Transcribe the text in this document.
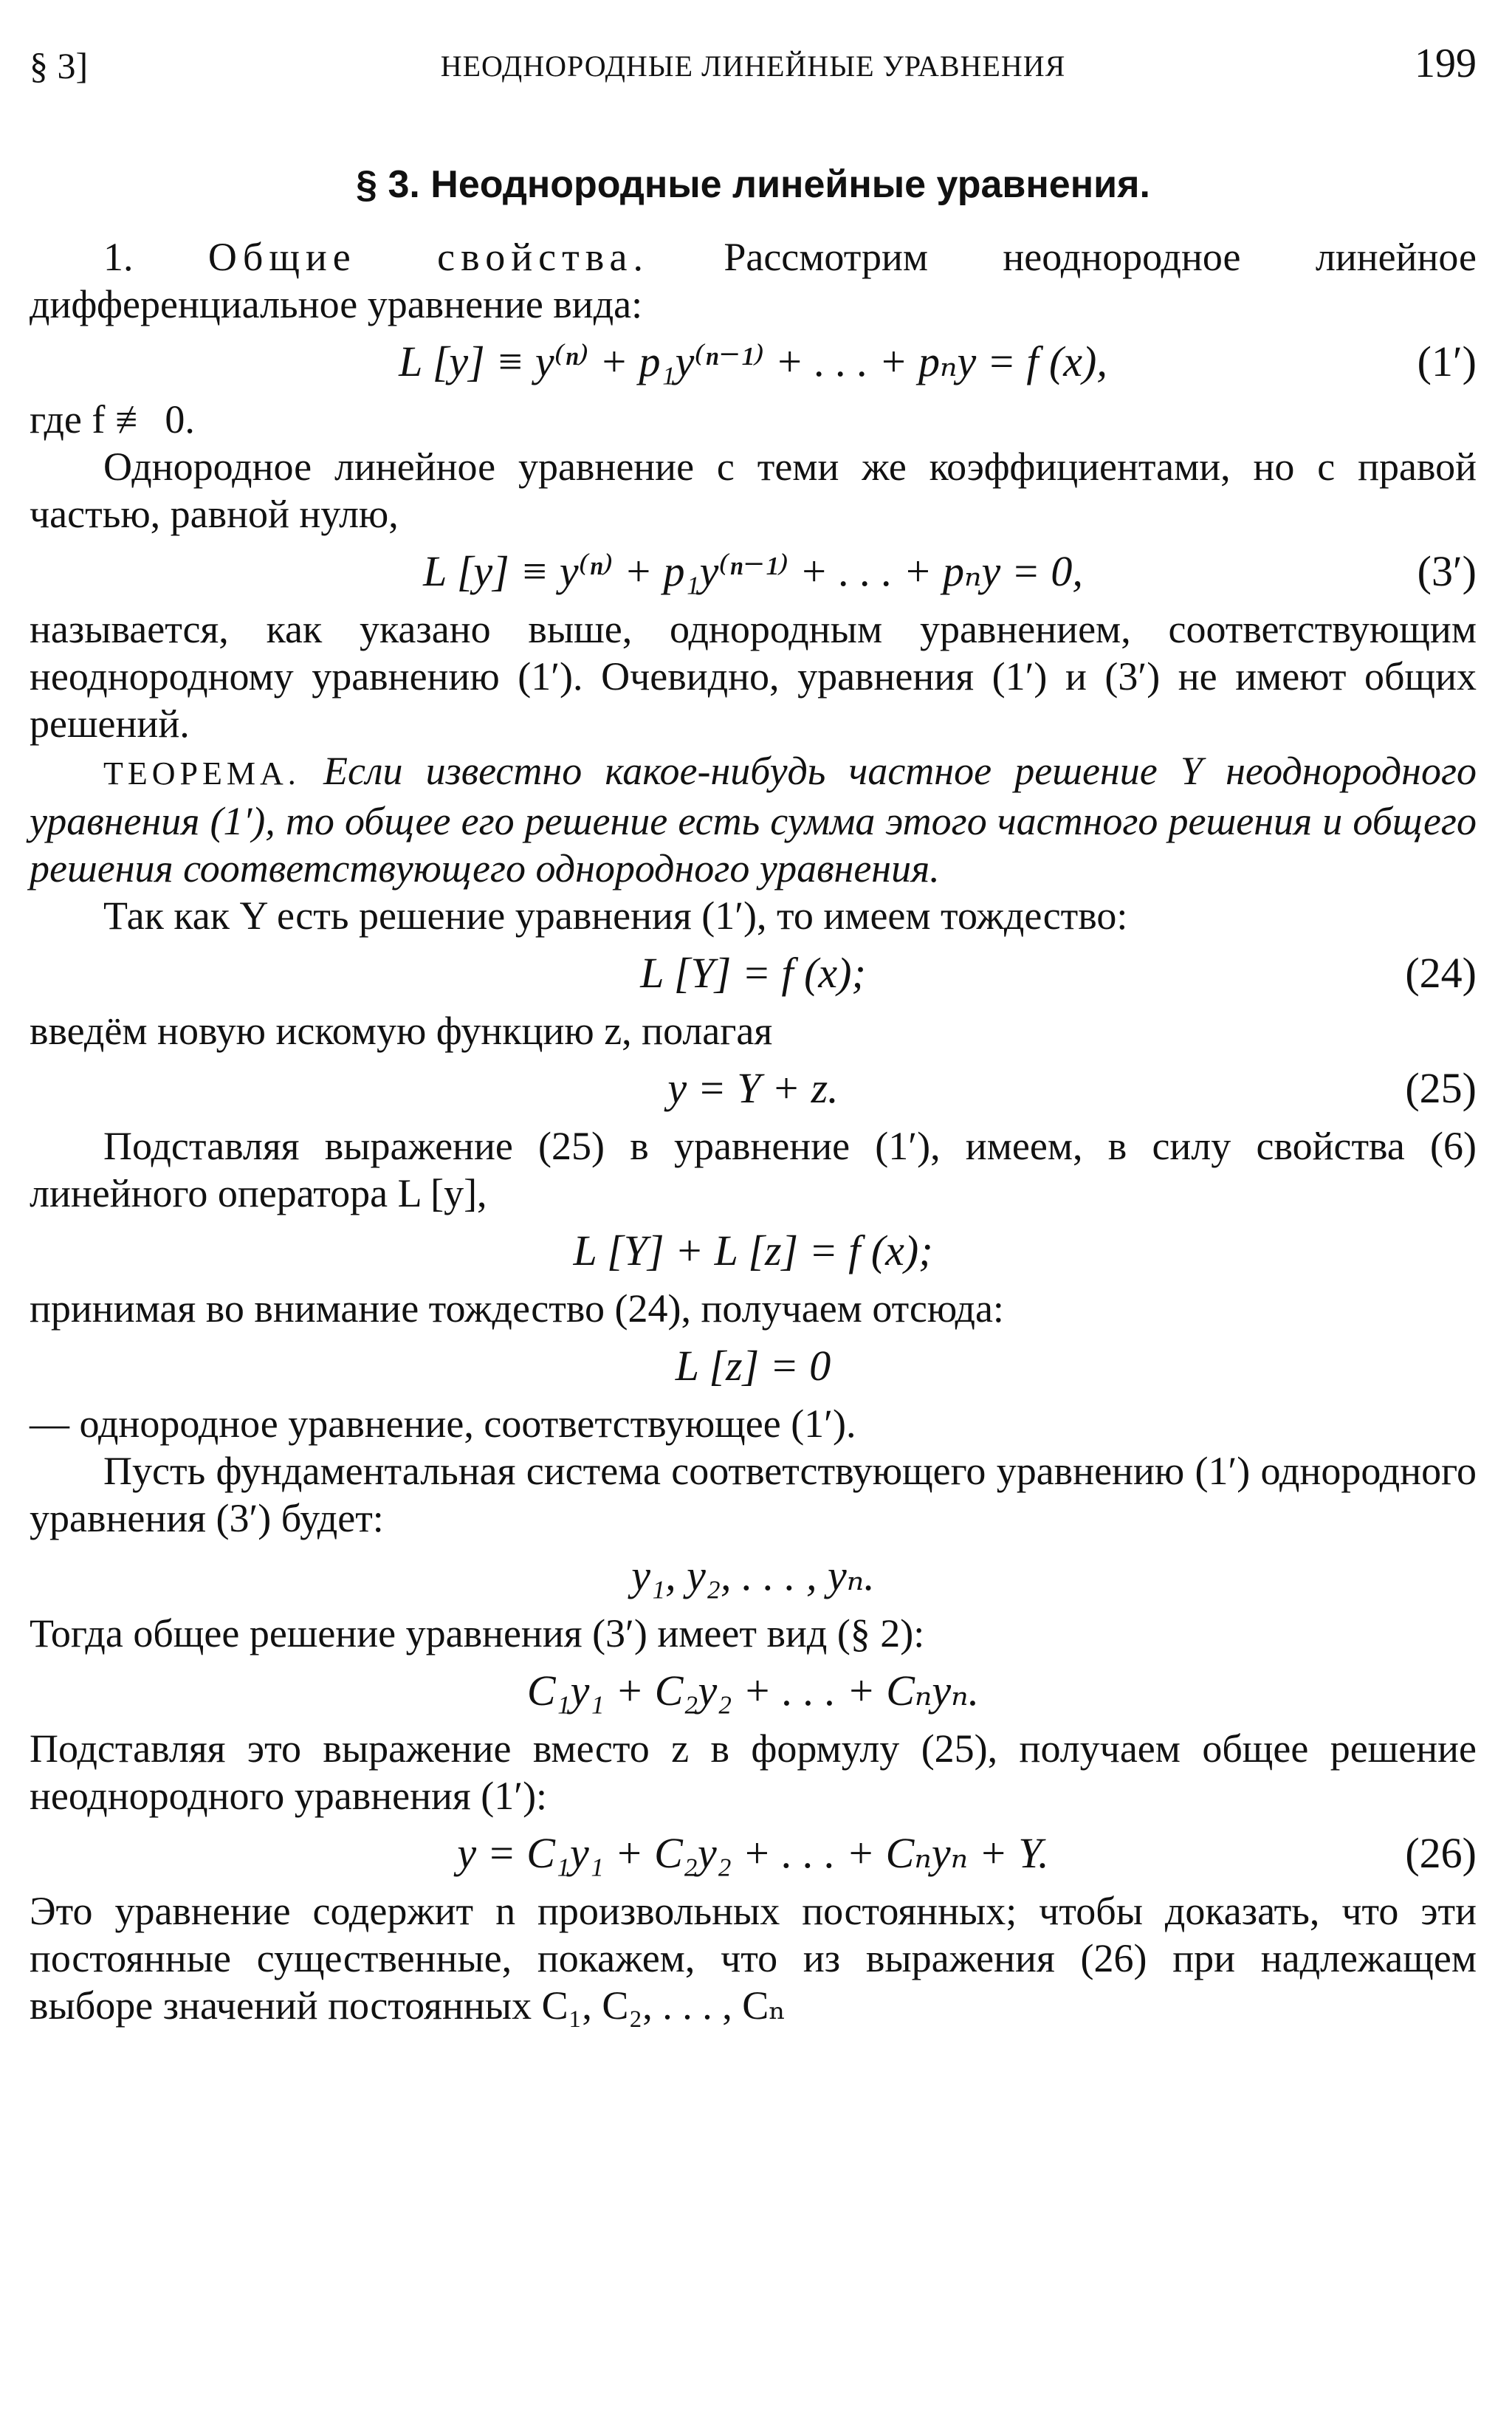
§ 3]	НЕОДНОРОДНЫЕ ЛИНЕЙНЫЕ УРАВНЕНИЯ	199
§ 3. Неоднородные линейные уравнения.

1. Общие свойства. Рассмотрим неоднородное линейное дифференциальное уравнение вида:

L [y] ≡ y⁽ⁿ⁾ + p₁y⁽ⁿ⁻¹⁾ + . . . + pₙy = f (x),	(1′)

где f ≢ 0.

Однородное линейное уравнение с теми же коэффициентами, но с правой частью, равной нулю,

L [y] ≡ y⁽ⁿ⁾ + p₁y⁽ⁿ⁻¹⁾ + . . . + pₙy = 0,	(3′)

называется, как указано выше, однородным уравнением, соответствующим неоднородному уравнению (1′). Очевидно, уравнения (1′) и (3′) не имеют общих решений.

ТЕОРЕМА. Если известно какое-нибудь частное решение Y неоднородного уравнения (1′), то общее его решение есть сумма этого частного решения и общего решения соответствующего однородного уравнения.

Так как Y есть решение уравнения (1′), то имеем тождество:

L [Y] = f (x);	(24)

введём новую искомую функцию z, полагая

y = Y + z.	(25)

Подставляя выражение (25) в уравнение (1′), имеем, в силу свойства (6) линейного оператора L [y],

L [Y] + L [z] = f (x);

принимая во внимание тождество (24), получаем отсюда:

L [z] = 0

— однородное уравнение, соответствующее (1′).

Пусть фундаментальная система соответствующего уравнению (1′) однородного уравнения (3′) будет:

y₁, y₂, . . . , yₙ.

Тогда общее решение уравнения (3′) имеет вид (§ 2):

C₁y₁ + C₂y₂ + . . . + Cₙyₙ.

Подставляя это выражение вместо z в формулу (25), получаем общее решение неоднородного уравнения (1′):

y = C₁y₁ + C₂y₂ + . . . + Cₙyₙ + Y.	(26)

Это уравнение содержит n произвольных постоянных; чтобы доказать, что эти постоянные существенные, покажем, что из выражения (26) при надлежащем выборе значений постоянных C₁, C₂, . . . , Cₙ
